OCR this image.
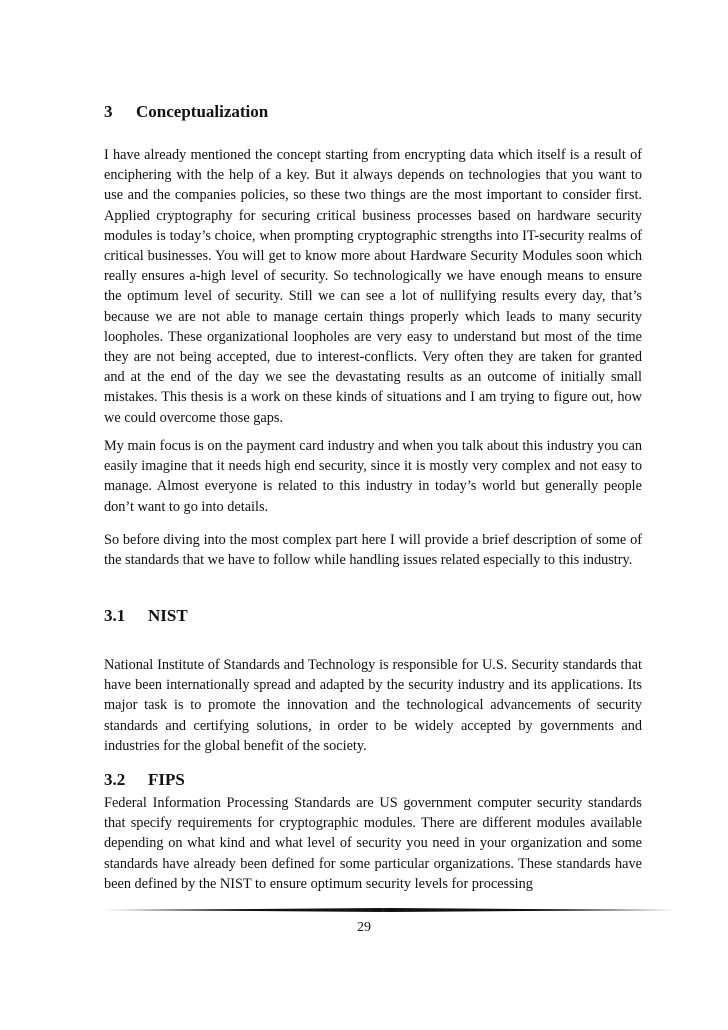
3 Conceptualization

I have already mentioned the concept starting from encrypting data which itself is a result of enciphering with the help of a key. But it always depends on technologies that you want to use and the companies policies, so these two things are the most important to consider first. Applied cryptography for securing critical business processes based on hardware security modules is today’s choice, when prompting cryptographic strengths into IT-security realms of critical businesses. You will get to know more about Hardware Security Modules soon which really ensures a-high level of security. So technologically we have enough means to ensure the optimum level of security. Still we can see a lot of nullifying results every day, that’s because we are not able to manage certain things properly which leads to many security loopholes. These organizational loopholes are very easy to understand but most of the time they are not being accepted, due to interest-conflicts. Very often they are taken for granted and at the end of the day we see the devastating results as an outcome of initially small mistakes. This thesis is a work on these kinds of situations and I am trying to figure out, how we could overcome those gaps.

My main focus is on the payment card industry and when you talk about this industry you can easily imagine that it needs high end security, since it is mostly very complex and not easy to manage. Almost everyone is related to this industry in today’s world but generally people don’t want to go into details.

So before diving into the most complex part here I will provide a brief description of some of the standards that we have to follow while handling issues related especially to this industry.

3.1 NIST

National Institute of Standards and Technology is responsible for U.S. Security standards that have been internationally spread and adapted by the security industry and its applications. Its major task is to promote the innovation and the technological advancements of security standards and certifying solutions, in order to be widely accepted by governments and industries for the global benefit of the society.

3.2 FIPS

Federal Information Processing Standards are US government computer security standards that specify requirements for cryptographic modules. There are different modules available depending on what kind and what level of security you need in your organization and some standards have already been defined for some particular organizations. These standards have been defined by the NIST to ensure optimum security levels for processing

29
